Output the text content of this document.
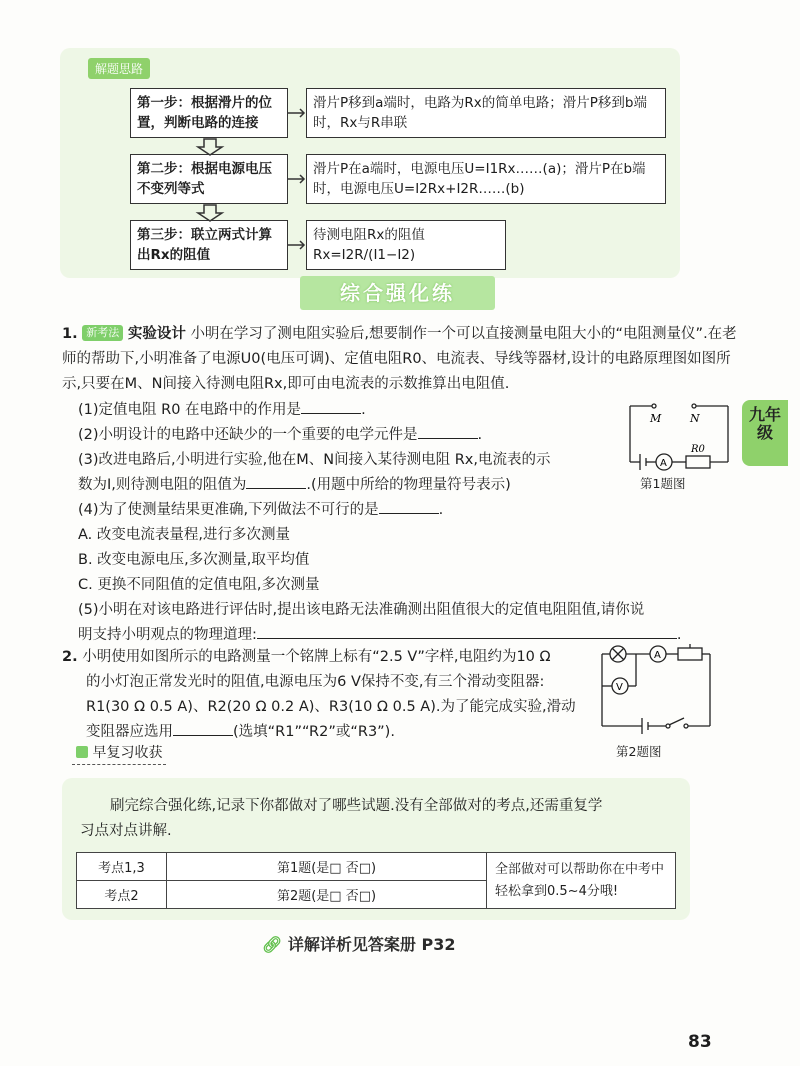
解题思路
第一步：根据滑片的位置，判断电路的连接
滑片P移到a端时，电路为Rx的简单电路；滑片P移到b端时，Rx与R串联
第二步：根据电源电压不变列等式
滑片P在a端时，电源电压U=I1Rx……(a)；滑片P在b端时，电源电压U=I2Rx+I2R……(b)
第三步：联立两式计算出Rx的阻值
待测电阻Rx的阻值Rx=I2R/(I1−I2)
综合强化练
1. 新考法 实验设计 小明在学习了测电阻实验后,想要制作一个可以直接测量电阻大小的“电阻测量仪”.在老师的帮助下,小明准备了电源U0(电压可调)、定值电阻R0、电流表、导线等器材,设计的电路原理图如图所示,只要在M、N间接入待测电阻Rx,即可由电流表的示数推算出电阻值.
(1)定值电阻 R0 在电路中的作用是	.
(2)小明设计的电路中还缺少的一个重要的电学元件是	.
(3)改进电路后,小明进行实验,他在M、N间接入某待测电阻 Rx,电流表的示
数为I,则待测电阻的阻值为	.(用题中所给的物理量符号表示)
(4)为了使测量结果更准确,下列做法不可行的是	.
A. 改变电流表量程,进行多次测量
B. 改变电源电压,多次测量,取平均值
C. 更换不同阻值的定值电阻,多次测量
(5)小明在对该电路进行评估时,提出该电路无法准确测出阻值很大的定值电阻阻值,请你说
明支持小明观点的物理道理:	.
M	N
A
R0
第1题图
九年级
2. 小明使用如图所示的电路测量一个铭牌上标有“2.5 V”字样,电阻约为10 Ω
的小灯泡正常发光时的阻值,电源电压为6 V保持不变,有三个滑动变阻器:
R1(30 Ω 0.5 A)、R2(20 Ω 0.2 A)、R3(10 Ω 0.5 A).为了能完成实验,滑动
变阻器应选用	(选填“R1”“R2”或“R3”).
A
V
第2题图
早复习收获
刷完综合强化练,记录下你都做对了哪些试题.没有全部做对的考点,还需重复学
习点对点讲解.
考点1,3	第1题(是□ 否□)	全部做对可以帮助你在中考中轻松拿到0.5~4分哦!
考点2	第2题(是□ 否□)	
🔗︎ 详解详析见答案册 P32
83
